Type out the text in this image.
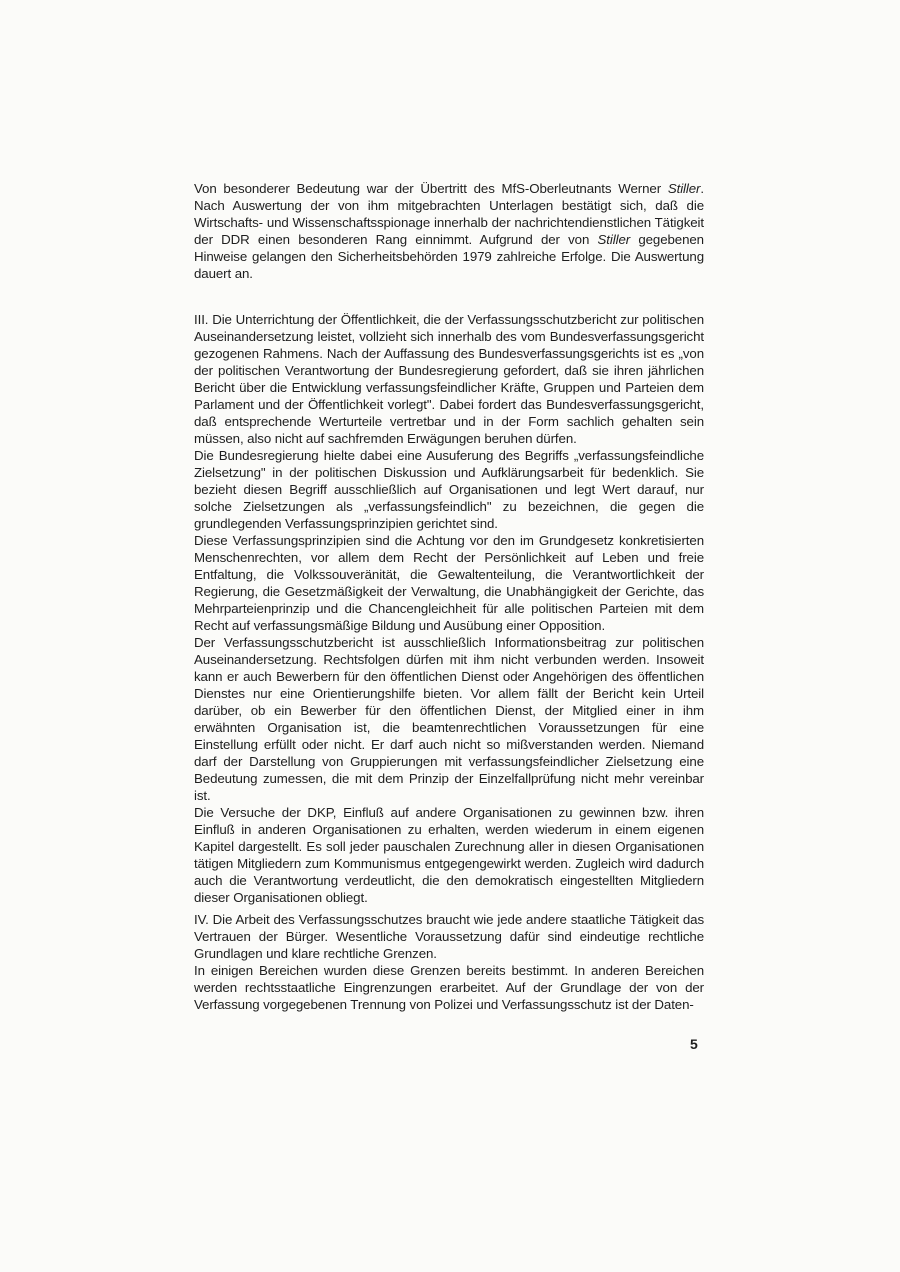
Von besonderer Bedeutung war der Übertritt des MfS-Oberleutnants Werner Stiller. Nach Auswertung der von ihm mitgebrachten Unterlagen bestätigt sich, daß die Wirtschafts- und Wissenschaftsspionage innerhalb der nachrichtendienstlichen Tätigkeit der DDR einen besonderen Rang einnimmt. Aufgrund der von Stiller gegebenen Hinweise gelangen den Sicherheitsbehörden 1979 zahlreiche Erfolge. Die Auswertung dauert an.

III. Die Unterrichtung der Öffentlichkeit, die der Verfassungsschutzbericht zur politischen Auseinandersetzung leistet, vollzieht sich innerhalb des vom Bundesverfassungsgericht gezogenen Rahmens. Nach der Auffassung des Bundesverfassungsgerichts ist es „von der politischen Verantwortung der Bundesregierung gefordert, daß sie ihren jährlichen Bericht über die Entwicklung verfassungsfeindlicher Kräfte, Gruppen und Parteien dem Parlament und der Öffentlichkeit vorlegt". Dabei fordert das Bundesverfassungsgericht, daß entsprechende Werturteile vertretbar und in der Form sachlich gehalten sein müssen, also nicht auf sachfremden Erwägungen beruhen dürfen.

Die Bundesregierung hielte dabei eine Ausuferung des Begriffs „verfassungsfeindliche Zielsetzung" in der politischen Diskussion und Aufklärungsarbeit für bedenklich. Sie bezieht diesen Begriff ausschließlich auf Organisationen und legt Wert darauf, nur solche Zielsetzungen als „verfassungsfeindlich" zu bezeichnen, die gegen die grundlegenden Verfassungsprinzipien gerichtet sind.

Diese Verfassungsprinzipien sind die Achtung vor den im Grundgesetz konkretisierten Menschenrechten, vor allem dem Recht der Persönlichkeit auf Leben und freie Entfaltung, die Volkssouveränität, die Gewaltenteilung, die Verantwortlichkeit der Regierung, die Gesetzmäßigkeit der Verwaltung, die Unabhängigkeit der Gerichte, das Mehrparteienprinzip und die Chancengleichheit für alle politischen Parteien mit dem Recht auf verfassungsmäßige Bildung und Ausübung einer Opposition.

Der Verfassungsschutzbericht ist ausschließlich Informationsbeitrag zur politischen Auseinandersetzung. Rechtsfolgen dürfen mit ihm nicht verbunden werden. Insoweit kann er auch Bewerbern für den öffentlichen Dienst oder Angehörigen des öffentlichen Dienstes nur eine Orientierungshilfe bieten. Vor allem fällt der Bericht kein Urteil darüber, ob ein Bewerber für den öffentlichen Dienst, der Mitglied einer in ihm erwähnten Organisation ist, die beamtenrechtlichen Voraussetzungen für eine Einstellung erfüllt oder nicht. Er darf auch nicht so mißverstanden werden. Niemand darf der Darstellung von Gruppierungen mit verfassungsfeindlicher Zielsetzung eine Bedeutung zumessen, die mit dem Prinzip der Einzelfallprüfung nicht mehr vereinbar ist.

Die Versuche der DKP, Einfluß auf andere Organisationen zu gewinnen bzw. ihren Einfluß in anderen Organisationen zu erhalten, werden wiederum in einem eigenen Kapitel dargestellt. Es soll jeder pauschalen Zurechnung aller in diesen Organisationen tätigen Mitgliedern zum Kommunismus entgegengewirkt werden. Zugleich wird dadurch auch die Verantwortung verdeutlicht, die den demokratisch eingestellten Mitgliedern dieser Organisationen obliegt.

IV. Die Arbeit des Verfassungsschutzes braucht wie jede andere staatliche Tätigkeit das Vertrauen der Bürger. Wesentliche Voraussetzung dafür sind eindeutige rechtliche Grundlagen und klare rechtliche Grenzen.

In einigen Bereichen wurden diese Grenzen bereits bestimmt. In anderen Bereichen werden rechtsstaatliche Eingrenzungen erarbeitet. Auf der Grundlage der von der Verfassung vorgegebenen Trennung von Polizei und Verfassungsschutz ist der Daten-

5
